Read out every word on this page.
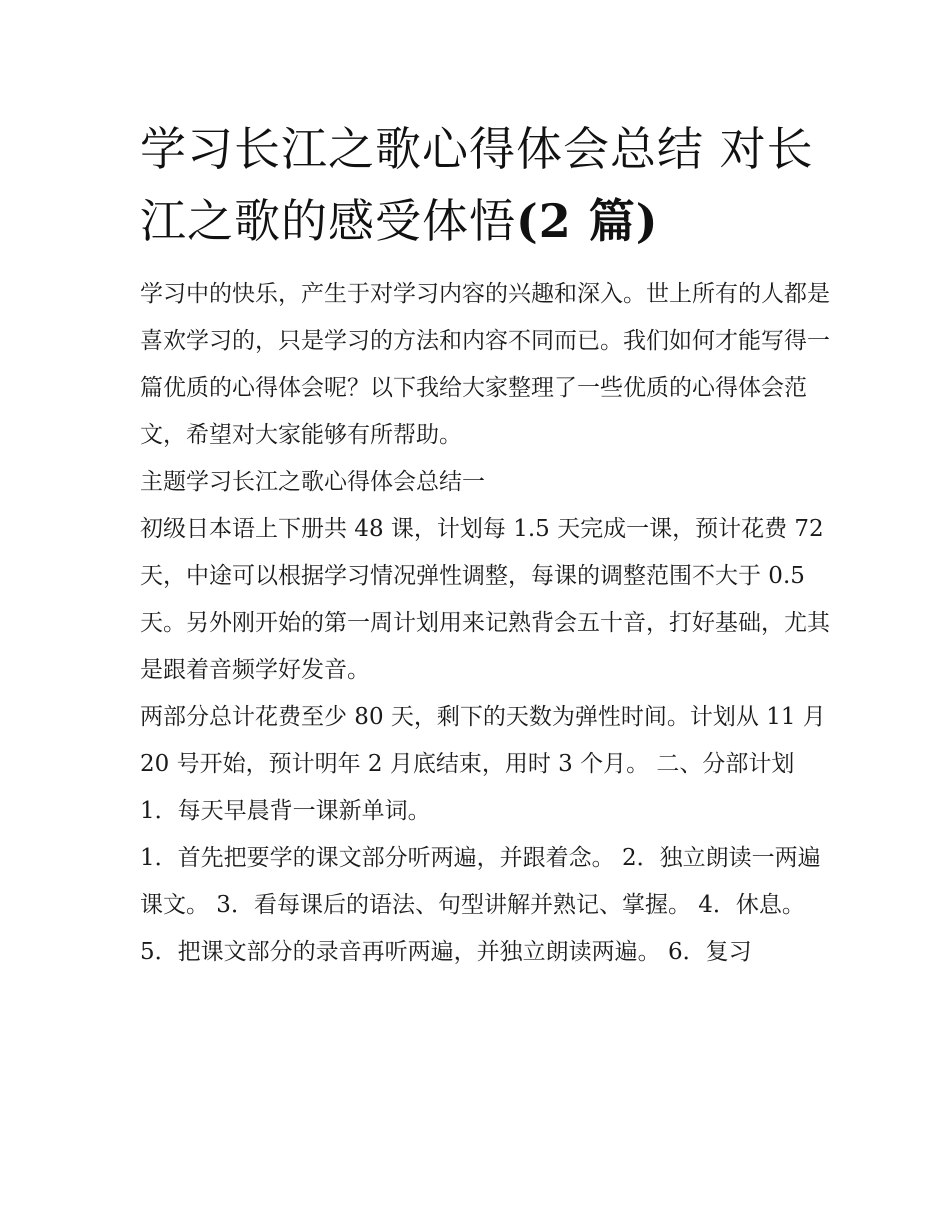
学习长江之歌心得体会总结 对长江之歌的感受体悟(2 篇)

学习中的快乐，产生于对学习内容的兴趣和深入。世上所有的人都是喜欢学习的，只是学习的方法和内容不同而已。我们如何才能写得一篇优质的心得体会呢？以下我给大家整理了一些优质的心得体会范文，希望对大家能够有所帮助。

主题学习长江之歌心得体会总结一

初级日本语上下册共 48 课，计划每 1.5 天完成一课，预计花费 72 天，中途可以根据学习情况弹性调整，每课的调整范围不大于 0.5 天。另外刚开始的第一周计划用来记熟背会五十音，打好基础，尤其是跟着音频学好发音。

两部分总计花费至少 80 天，剩下的天数为弹性时间。计划从 11 月 20 号开始，预计明年 2 月底结束，用时 3 个月。 二、分部计划 1．每天早晨背一课新单词。

1．首先把要学的课文部分听两遍，并跟着念。 2．独立朗读一两遍课文。 3．看每课后的语法、句型讲解并熟记、掌握。 4．休息。

5．把课文部分的录音再听两遍，并独立朗读两遍。 6．复习
